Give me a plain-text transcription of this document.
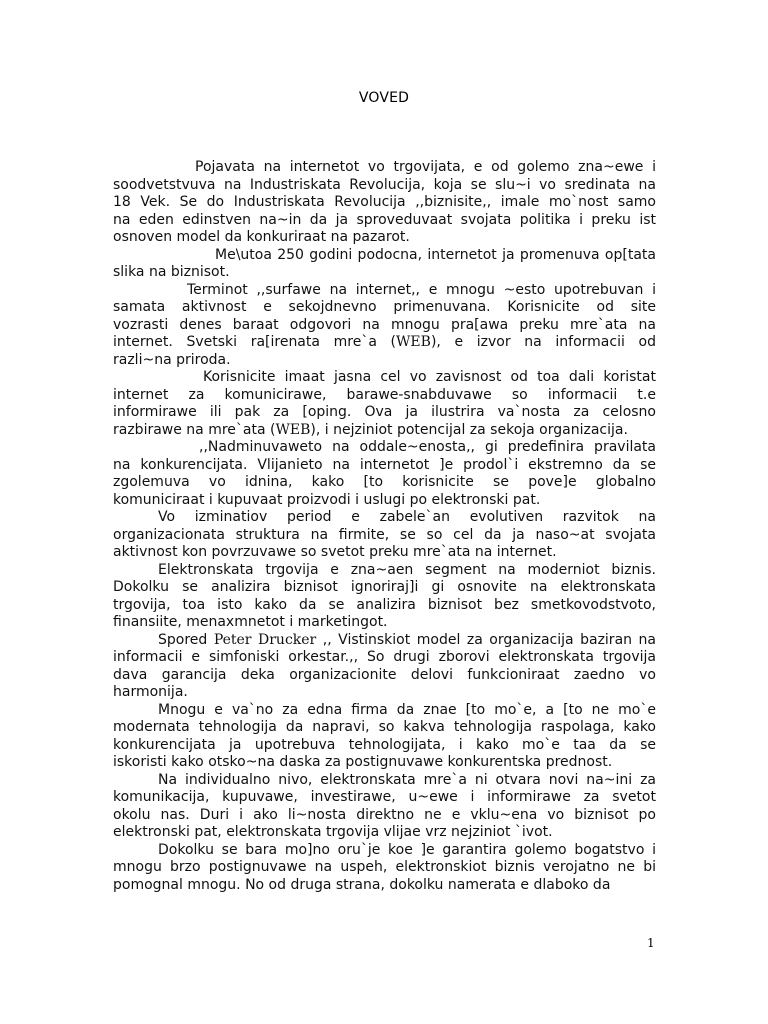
VOVED
Pojavata na internetot vo trgovijata, e od golemo zna~ewe i
soodvetstvuva na Industriskata Revolucija, koja se slu~i vo sredinata na
18 Vek. Se do Industriskata Revolucija ,,biznisite,, imale mo`nost samo
na eden edinstven na~in da ja sproveduvaat svojata politika i preku ist
osnoven model da konkuriraat na pazarot.
Me\utoa 250 godini podocna, internetot ja promenuva op[tata
slika na biznisot.
Terminot ,,surfawe na internet,, e mnogu ~esto upotrebuvan i
samata aktivnost e sekojdnevno primenuvana. Korisnicite od site
vozrasti denes baraat odgovori na mnogu pra[awa preku mre`ata na
internet. Svetski ra[irenata mre`a (WEB), e izvor na informacii od
razli~na priroda.
Korisnicite imaat jasna cel vo zavisnost od toa dali koristat
internet za komunicirawe, barawe-snabduvawe so informacii t.e
informirawe ili pak za [oping. Ova ja ilustrira va`nosta za celosno
razbirawe na mre`ata (WEB), i nejziniot potencijal za sekoja organizacija.
,,Nadminuvaweto na oddale~enosta,, gi predefinira pravilata
na konkurencijata. Vlijanieto na internetot ]e prodol`i ekstremno da se
zgolemuva vo idnina, kako [to korisnicite se pove]e globalno
komuniciraat i kupuvaat proizvodi i uslugi po elektronski pat.
Vo izminatiov period e zabele`an evolutiven razvitok na
organizacionata struktura na firmite, se so cel da ja naso~at svojata
aktivnost kon povrzuvawe so svetot preku mre`ata na internet.
Elektronskata trgovija e zna~aen segment na moderniot biznis.
Dokolku se analizira biznisot ignoriraj]i gi osnovite na elektronskata
trgovija, toa isto kako da se analizira biznisot bez smetkovodstvoto,
finansiite, menaxmnetot i marketingot.
Spored Peter Drucker ,, Vistinskiot model za organizacija baziran na
informacii e simfoniski orkestar.,, So drugi zborovi elektronskata trgovija
dava garancija deka organizacionite delovi funkcioniraat zaedno vo
harmonija.
Mnogu e va`no za edna firma da znae [to mo`e, a [to ne mo`e
modernata tehnologija da napravi, so kakva tehnologija raspolaga, kako
konkurencijata ja upotrebuva tehnologijata, i kako mo`e taa da se
iskoristi kako otsko~na daska za postignuvawe konkurentska prednost.
Na individualno nivo, elektronskata mre`a ni otvara novi na~ini za
komunikacija, kupuvawe, investirawe, u~ewe i informirawe za svetot
okolu nas. Duri i ako li~nosta direktno ne e vklu~ena vo biznisot po
elektronski pat, elektronskata trgovija vlijae vrz nejziniot `ivot.
Dokolku se bara mo]no oru`je koe ]e garantira golemo bogatstvo i
mnogu brzo postignuvawe na uspeh, elektronskiot biznis verojatno ne bi
pomognal mnogu. No od druga strana, dokolku namerata e dlaboko da
1
